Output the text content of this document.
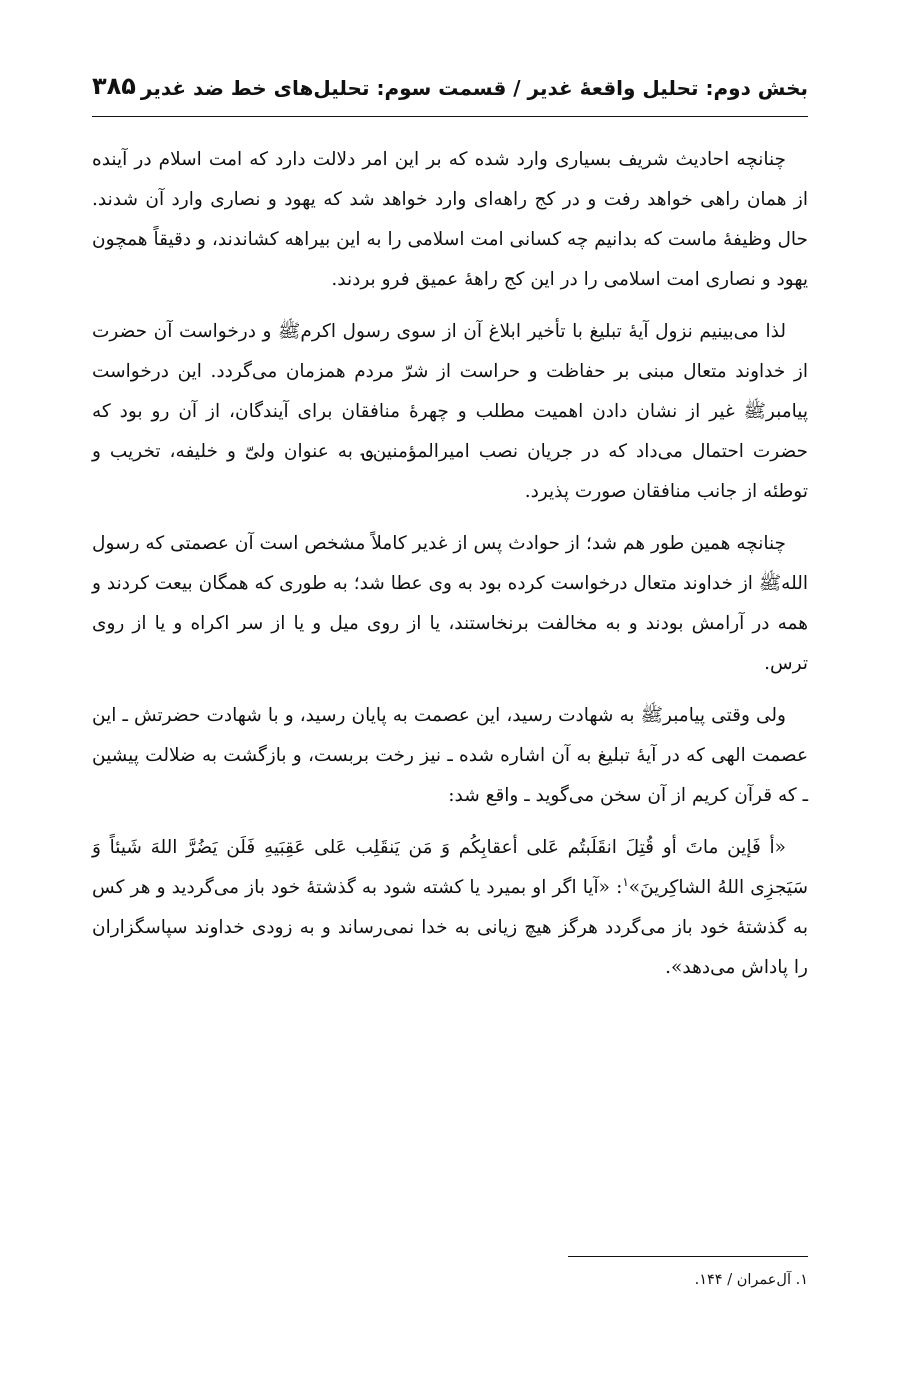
بخش دوم: تحلیل واقعهٔ غدیر / قسمت سوم: تحلیل‌های خط ضد غدیر
۳۸۵

چنانچه احادیث شریف بسیاری وارد شده که بر این امر دلالت دارد که امت اسلام در آینده از همان راهی خواهد رفت و در کج راهه‌ای وارد خواهد شد که یهود و نصاری وارد آن شدند. حال وظیفهٔ ماست که بدانیم چه کسانی امت اسلامی را به این بیراهه کشاندند، و دقیقاً همچون یهود و نصاری امت اسلامی را در این کج راههٔ عمیق فرو بردند.

لذا می‌بینیم نزول آیهٔ تبلیغ با تأخیر ابلاغ آن از سوی رسول اکرمﷺ و درخواست آن حضرت از خداوند متعال مبنی بر حفاظت و حراست از شرّ مردم همزمان می‌گردد. این درخواست پیامبرﷺ غیر از نشان دادن اهمیت مطلب و چهرهٔ منافقان برای آیندگان، از آن رو بود که حضرت احتمال می‌داد که در جریان نصب امیرالمؤمنین؈ به عنوان ولیّ و خلیفه، تخریب و توطئه از جانب منافقان صورت پذیرد.

چنانچه همین طور هم شد؛ از حوادث پس از غدیر کاملاً مشخص است آن عصمتی که رسول اللهﷺ از خداوند متعال درخواست کرده بود به وی عطا شد؛ به طوری که همگان بیعت کردند و همه در آرامش بودند و به مخالفت برنخاستند، یا از روی میل و یا از سر اکراه و یا از روی ترس.

ولی وقتی پیامبرﷺ به شهادت رسید، این عصمت به پایان رسید، و با شهادت حضرتش ـ این عصمت الهی که در آیهٔ تبلیغ به آن اشاره شده ـ نیز رخت بربست، و بازگشت به ضلالت پیشین ـ که قرآن کریم از آن سخن می‌گوید ـ واقع شد:

«أ فَإین ماتَ أو قُتِلَ انقَلَبتُم عَلی أعقابِکُم وَ مَن یَنقَلِب عَلی عَقِبَیهِ فَلَن یَضُرَّ اللهَ شَیئاً وَ سَیَجزِی اللهُ الشاکِرینَ»$^۱$: «آیا اگر او بمیرد یا کشته شود به گذشتهٔ خود باز می‌گردید و هر کس به گذشتهٔ خود باز می‌گردد هرگز هیچ زیانی به خدا نمی‌رساند و به زودی خداوند سپاسگزاران را پاداش می‌دهد».

۱. آل‌عمران / ۱۴۴.
